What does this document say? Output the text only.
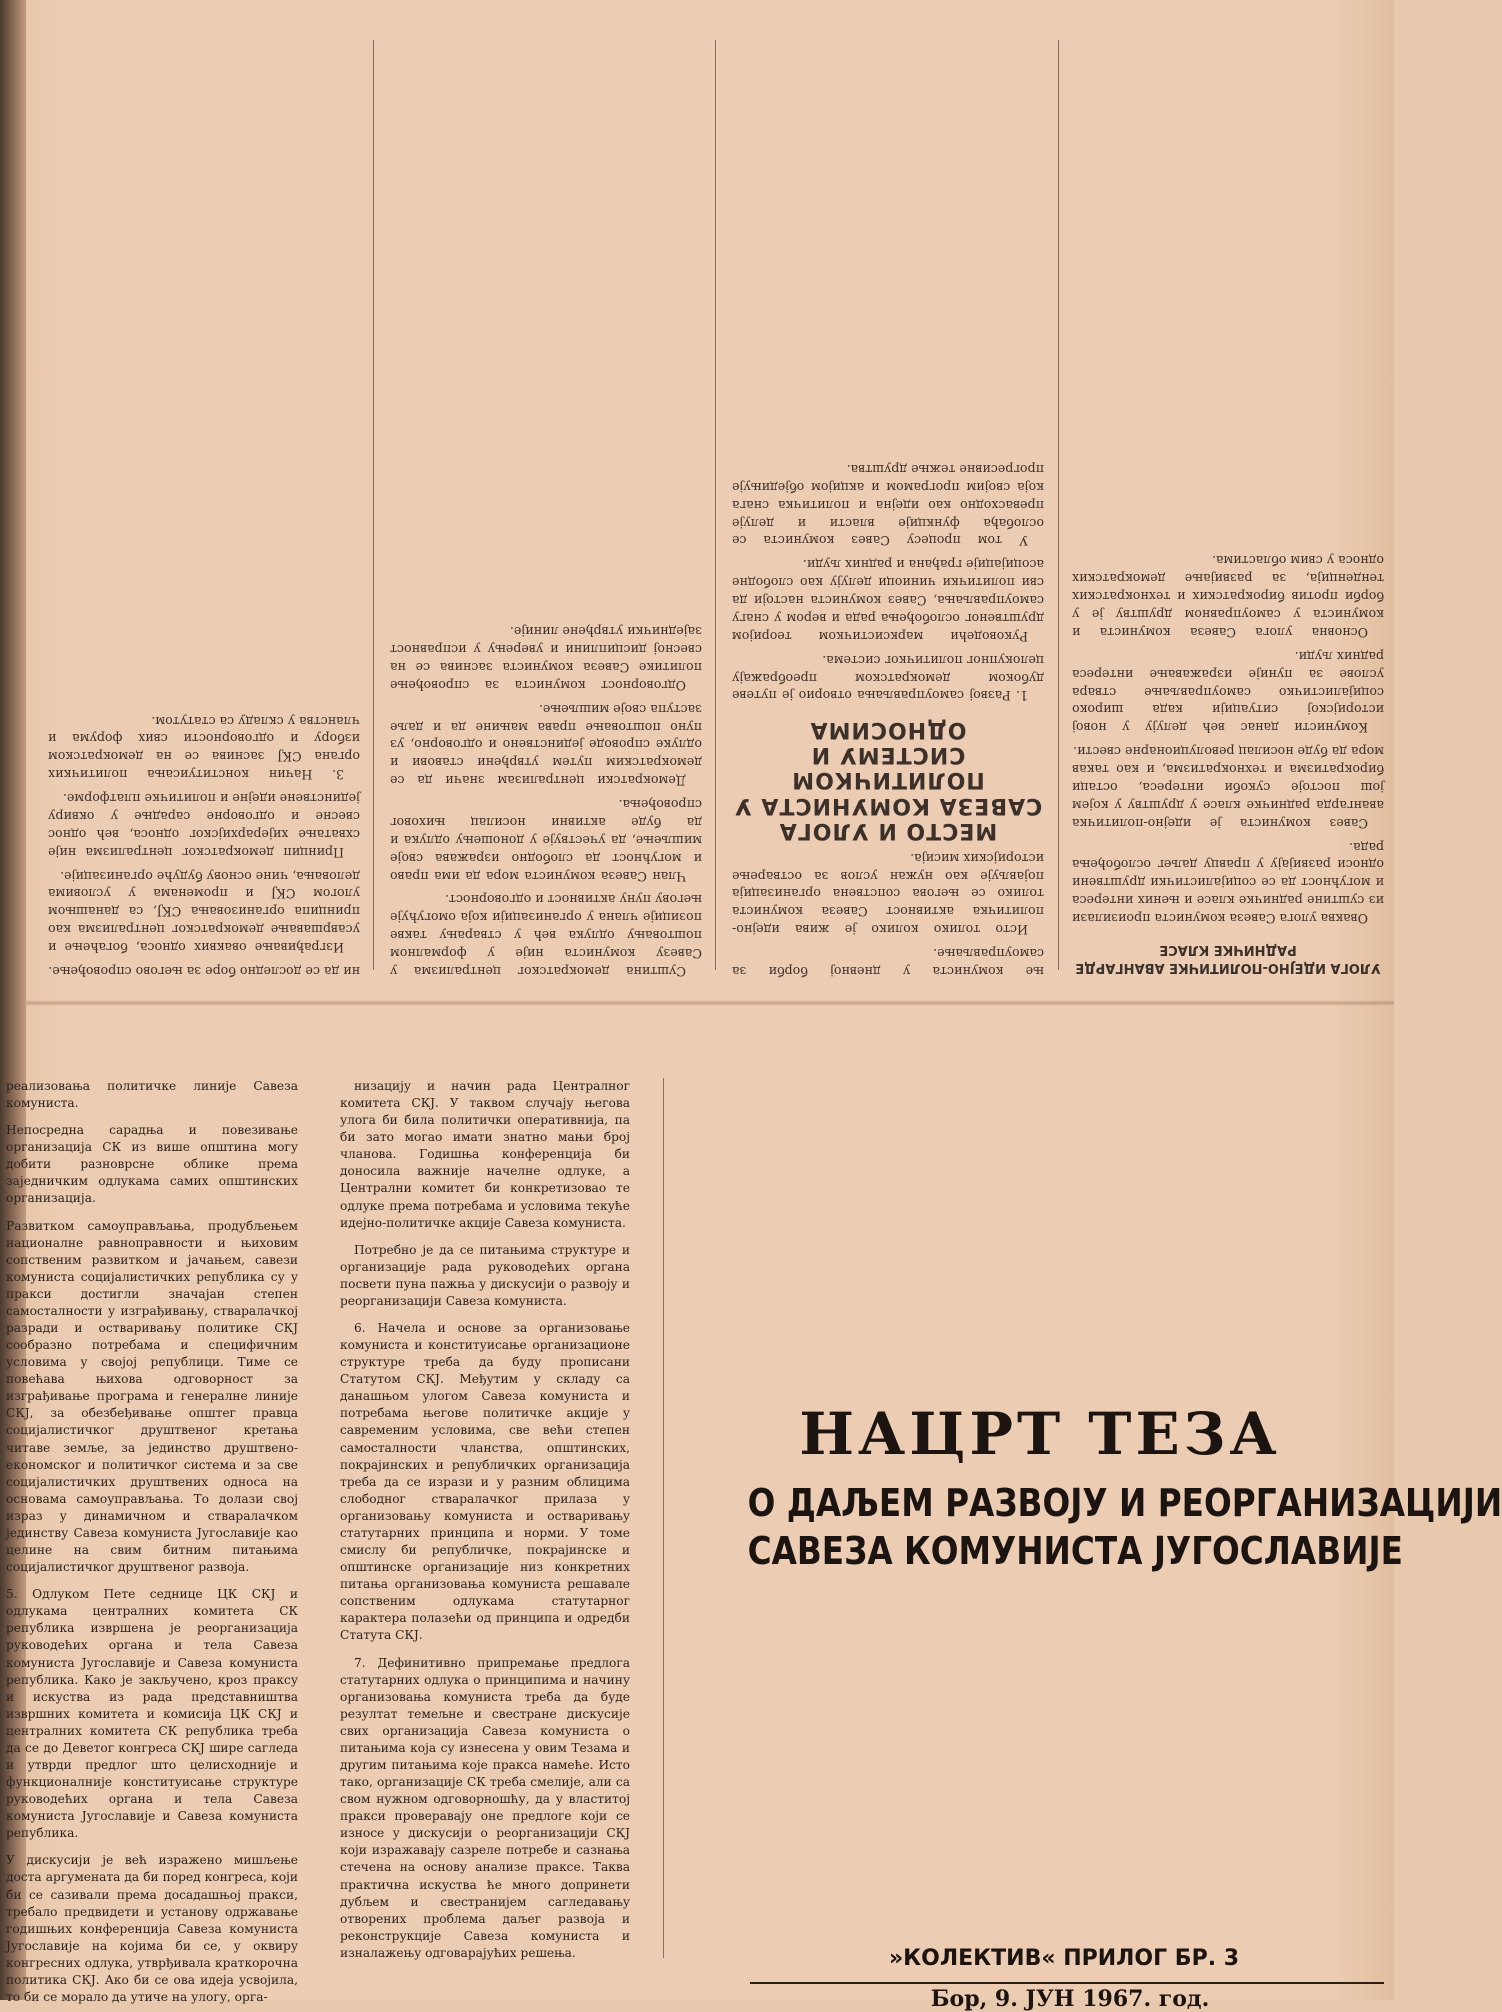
УЛОГА ИДЕЈНО-ПОЛИТИЧКЕ АВАНГАРДЕ РАДНИЧКЕ КЛАСЕ

Оваква улога Савеза комуниста произилази из суштине радничке класе и њених интереса и могућност да се социјалистички друштвени односи развијају у правцу даљег ослобођења рада.

Савез комуниста је идејно-политичка авангарда радничке класе у друштву у којем још постоје сукоби интереса, остаци бирократизма и технократизма, и као такав мора да буде носилац револуционарне свести.

Комунисти данас већ делују у новој историјској ситуацији када широко социјалистичко самоуправљање ствара услове за пуније изражавање интереса радних људи.

Основна улога Савеза комуниста и комуниста у самоуправном друштву је у борби против бирократских и технократских тенденција, за развијање демократских односа у свим областима.

ње комуниста у дневној борби за самоуправљање.

Исто толико колико је жива идејно-политичка активност Савеза комуниста толико се његова сопствена организација појављује као нужан услов за остварење историјских мисија.

МЕСТО И УЛОГА САВЕЗА КОМУНИСТА У ПОЛИТИЧКОМ СИСТЕМУ И ОДНОСИМА

1. Развој самоуправљања отворио је путеве дубоком демократском преображају целокупног политичког система.

Руководећи марксистичком теоријом друштвеног ослобођења рада и вером у снагу самоуправљања, Савез комуниста настоји да сви политички чиниоци делују као слободне асоцијације грађана и радних људи.

У том процесу Савез комуниста се ослобађа функције власти и делује превасходно као идејна и политичка снага која својим програмом и акцијом обједињује прогресивне тежње друштва.

Суштина демократског централизма у Савезу комуниста није у формалном поштовању одлука већ у стварању такве позиције члана у организацији која омогућује његову пуну активност и одговорност.

Члан Савеза комуниста мора да има право и могућност да слободно изражава своје мишљење, да учествује у доношењу одлука и да буде активни носилац њиховог спровођења.

Демократски централизам значи да се демократским путем утврђени ставови и одлуке спроводе јединствено и одговорно, уз пуно поштовање права мањине да и даље заступа своје мишљење.

Одговорност комуниста за спровођење политике Савеза комуниста заснива се на свесној дисциплини и уверењу у исправност заједнички утврђене линије.

ни да се доследно боре за његово спровођење.

Изграђивање оваквих односа, богаћење и усавршавање демократског централизма као принципа организовања СКЈ, са данашњом улогом СКЈ и променама у условима деловања, чине основу будуће организације.

Принцип демократског централизма није схватање хијерархијског односа, већ однос свесне и одговорне сарадње у оквиру јединствене идејне и политичке платформе.

3. Начин конституисања политичких органа СКЈ заснива се на демократском избору и одговорности свих форума и чланства у складу са статутом.

реализовања политичке линије Савеза комуниста.

Непосредна сарадња и повезивање организација СК из више општина могу добити разноврсне облике према заједничким одлукама самих општинских организација.

Развитком самоуправљања, продубљењем националне равноправности и њиховим сопственим развитком и јачањем, савези комуниста социјалистичких република су у пракси достигли значајан степен самосталности у изграђивању, стваралачкој разради и остваривању политике СКЈ сообразно потребама и специфичним условима у својој републици. Тиме се повећава њихова одговорност за изграђивање програма и генералне линије СКЈ, за обезбеђивање општег правца социјалистичког друштвеног кретања читаве земље, за јединство друштвено-економског и политичког система и за све социјалистичких друштвених односа на основама самоуправљања. То долази свој израз у динамичном и стваралачком јединству Савеза комуниста Југославије као целине на свим битним питањима социјалистичког друштвеног развоја.

5. Одлуком Пете седнице ЦК СКЈ и одлукама централних комитета СК република извршена је реорганизација руководећих органа и тела Савеза комуниста Југославије и Савеза комуниста република. Како је закључено, кроз праксу и искуства из рада представништва извршних комитета и комисија ЦК СКЈ и централних комитета СК република треба да се до Деветог конгреса СКЈ шире сагледа и утврди предлог што целисходније и функционалније конституисање структуре руководећих органа и тела Савеза комуниста Југославије и Савеза комуниста република.

У дискусији је већ изражено мишљење доста аргумената да би поред конгреса, који би се сазивали према досадашњој пракси, требало предвидети и установу одржавање годишњих конференција Савеза комуниста Југославије на којима би се, у оквиру конгресних одлука, утврђивала краткорочна политика СКЈ. Ако би се ова идеја усвојила, то би се морало да утиче на улогу, орга-

низацију и начин рада Централног комитета СКЈ. У таквом случају његова улога би била политички оперативнија, па би зато могао имати знатно мањи број чланова. Годишња конференција би доносила важније начелне одлуке, а Централни комитет би конкретизовао те одлуке према потребама и условима текуће идејно-политичке акције Савеза комуниста.

Потребно је да се питањима структуре и организације рада руководећих органа посвети пуна пажња у дискусији о развоју и реорганизацији Савеза комуниста.

6. Начела и основе за организовање комуниста и конституисање организационе структуре треба да буду прописани Статутом СКЈ. Међутим у складу са данашњом улогом Савеза комуниста и потребама његове политичке акције у савременим условима, све већи степен самосталности чланства, општинских, покрајинских и републичких организација треба да се изрази и у разним облицима слободног стваралачког прилаза у организовању комуниста и остваривању статутарних принципа и норми. У томе смислу би републичке, покрајинске и општинске организације низ конкретних питања организовања комуниста решавале сопственим одлукама статутарног карактера полазећи од принципа и одредби Статута СКЈ.

7. Дефинитивно припремање предлога статутарних одлука о принципима и начину организовања комуниста треба да буде резултат темељне и свестране дискусије свих организација Савеза комуниста о питањима која су изнесена у овим Тезама и другим питањима које пракса намеће. Исто тако, организације СК треба смелије, али са свом нужном одговорношћу, да у властитој пракси проверавају оне предлоге који се износе у дискусији о реорганизацији СКЈ који изражавају сазреле потребе и сазнања стечена на основу анализе праксе. Таква практична искуства ће много допринети дубљем и свестранијем сагледавању отворених проблема даљег развоја и реконструкције Савеза комуниста и изналажењу одговарајућих решења.

НАЦРТ ТЕЗА
О ДАЉЕМ РАЗВОЈУ И РЕОРГАНИЗАЦИЈИ
САВЕЗА КОМУНИСТА ЈУГОСЛАВИЈЕ
»КОЛЕКТИВ« ПРИЛОГ БР. 3
Бор, 9. ЈУН 1967. год.
